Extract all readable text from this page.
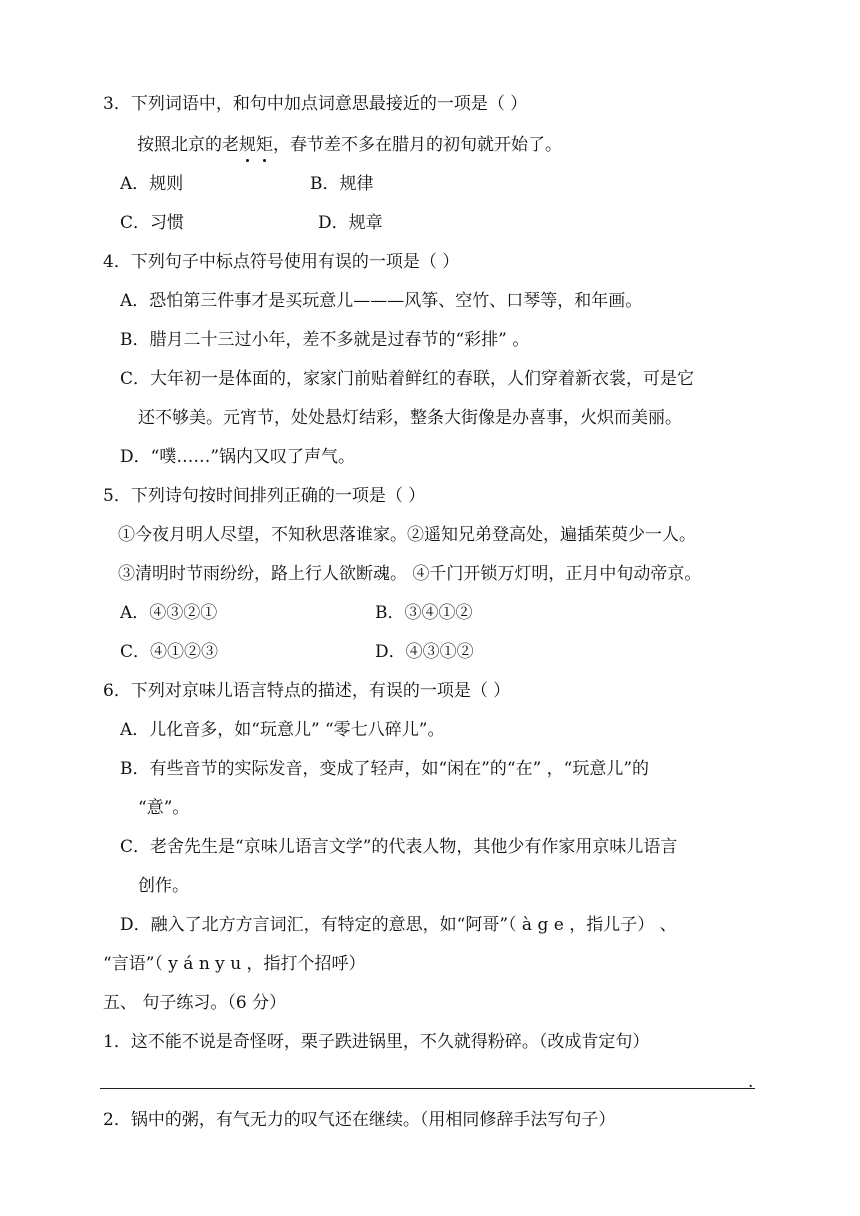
3．下列词语中，和句中加点词意思最接近的一项是（ ）
按照北京的老规矩，春节差不多在腊月的初旬就开始了。
A．规则	B．规律
C．习惯	D．规章
4．下列句子中标点符号使用有误的一项是（ ）
A．恐怕第三件事才是买玩意儿———风筝、空竹、口琴等，和年画。
B．腊月二十三过小年，差不多就是过春节的“彩排” 。
C．大年初一是体面的，家家门前贴着鲜红的春联，人们穿着新衣裳，可是它
还不够美。元宵节，处处悬灯结彩，整条大街像是办喜事，火炽而美丽。
D．“噗……”锅内又叹了声气。
5．下列诗句按时间排列正确的一项是（ ）
①今夜月明人尽望，不知秋思落谁家。②遥知兄弟登高处，遍插茱萸少一人。
③清明时节雨纷纷，路上行人欲断魂。 ④千门开锁万灯明，正月中旬动帝京。
A．④③②①	B．③④①②
C．④①②③	D．④③①②
6．下列对京味儿语言特点的描述，有误的一项是（ ）
A．儿化音多，如“玩意儿” “零七八碎儿”。
B．有些音节的实际发音，变成了轻声，如“闲在”的“在” ，“玩意儿”的
“意”。
C．老舍先生是“京味儿语言文学”的代表人物，其他少有作家用京味儿语言
创作。
D．融入了北方方言词汇，有特定的意思，如“阿哥”（ à g e ，指儿子） 、
“言语”（ y á n y u ，指打个招呼）
五、 句子练习。（6 分）
1．这不能不说是奇怪呀，栗子跌进锅里，不久就得粉碎。（改成肯定句）
.
2．锅中的粥，有气无力的叹气还在继续。（用相同修辞手法写句子）
